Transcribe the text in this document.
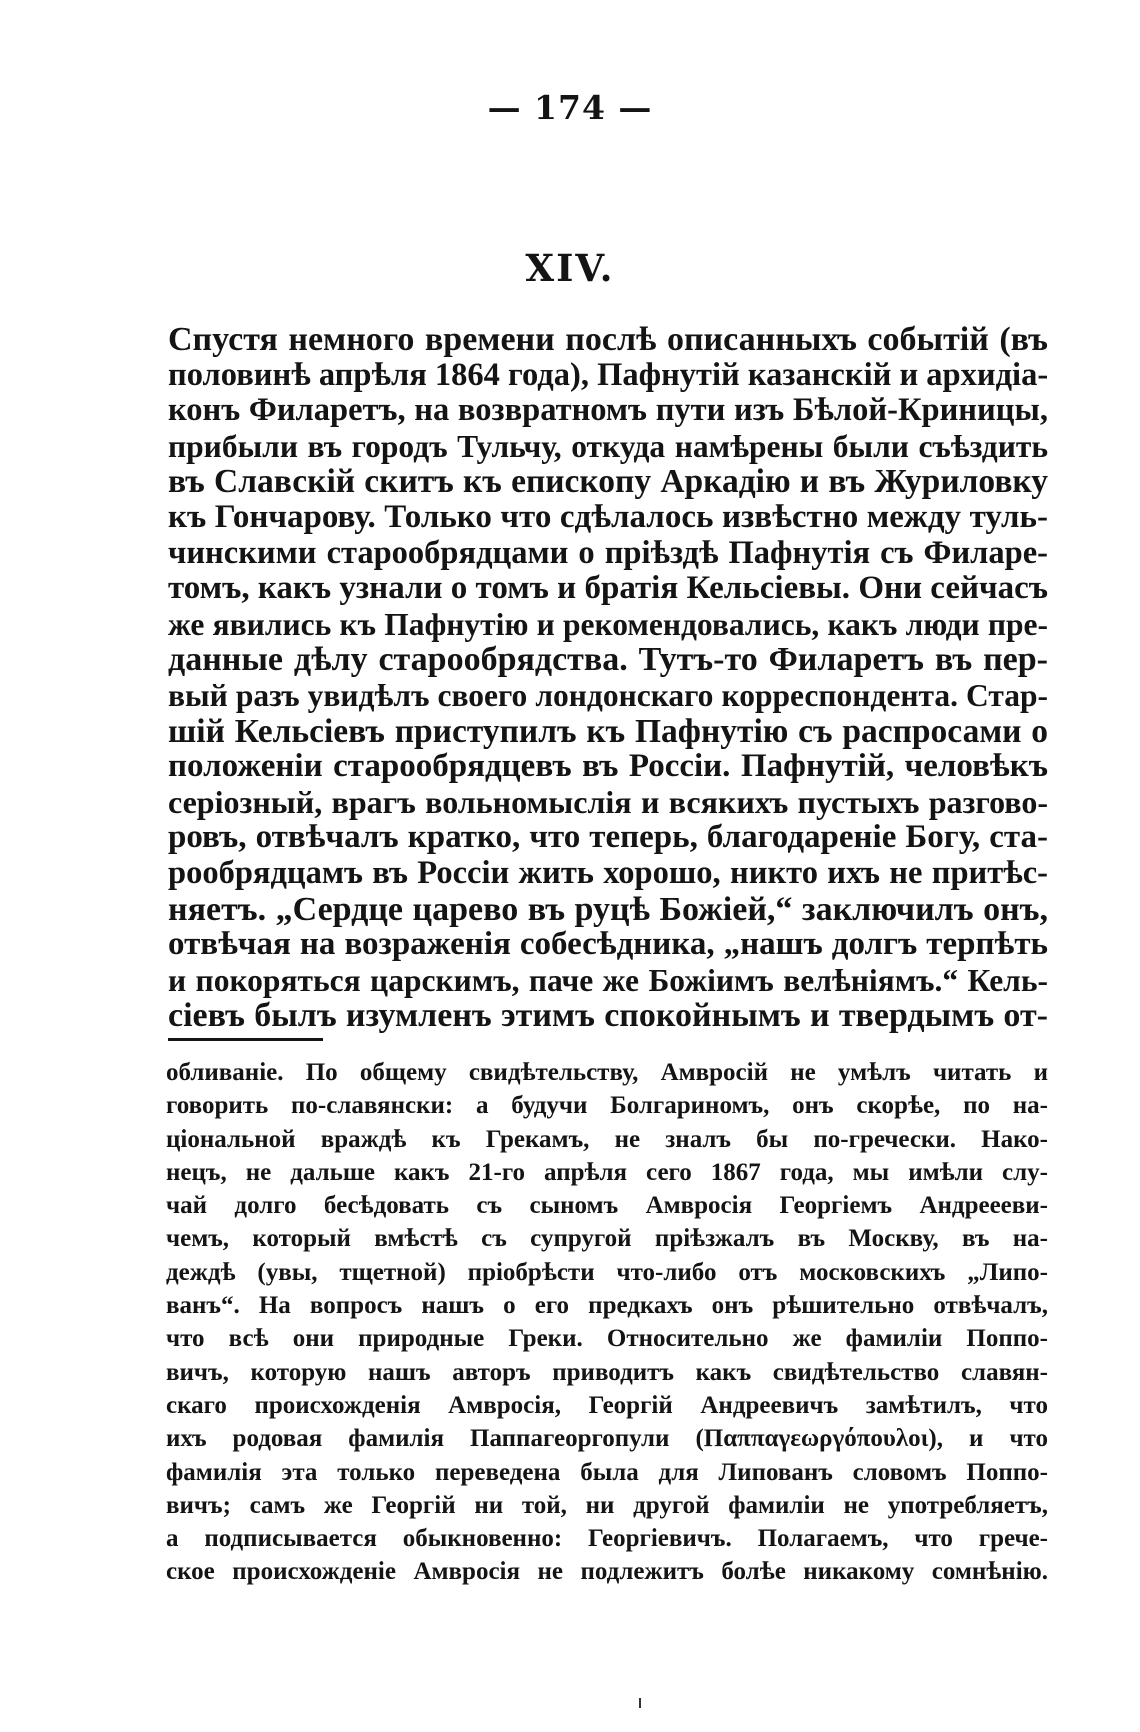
— 174 —
XIV.
Спустя немного времени послѣ описанныхъ событій (въ
половинѣ апрѣля 1864 года), Пафнутій казанскій и архидіа-
конъ Филаретъ, на возвратномъ пути изъ Бѣлой-Криницы,
прибыли въ городъ Тульчу, откуда намѣрены были съѣздить
въ Славскій скитъ къ епископу Аркадію и въ Журиловку
къ Гончарову. Только что сдѣлалось извѣстно между туль-
чинскими старообрядцами о пріѣздѣ Пафнутія съ Филаре-
томъ, какъ узнали о томъ и братія Кельсіевы. Они сейчасъ
же явились къ Пафнутію и рекомендовались, какъ люди пре-
данные дѣлу старообрядства. Тутъ-то Филаретъ въ пер-
вый разъ увидѣлъ своего лондонскаго корреспондента. Стар-
шій Кельсіевъ приступилъ къ Пафнутію съ распросами о
положеніи старообрядцевъ въ Россіи. Пафнутій, человѣкъ
серіозный, врагъ вольномыслія и всякихъ пустыхъ разгово-
ровъ, отвѣчалъ кратко, что теперь, благодареніе Богу, ста-
рообрядцамъ въ Россіи жить хорошо, никто ихъ не притѣс-
няетъ. „Сердце царево въ руцѣ Божіей,“ заключилъ онъ,
отвѣчая на возраженія собесѣдника, „нашъ долгъ терпѣть
и покоряться царскимъ, паче же Божіимъ велѣніямъ.“ Кель-
сіевъ былъ изумленъ этимъ спокойнымъ и твердымъ от-
обливаніе. По общему свидѣтельству, Амвросій не умѣлъ читать и
говорить по-славянски: а будучи Болгариномъ, онъ скорѣе, по на-
ціональной враждѣ къ Грекамъ, не зналъ бы по-гречески. Нако-
нецъ, не дальше какъ 21-го апрѣля сего 1867 года, мы имѣли слу-
чай долго бесѣдовать съ сыномъ Амвросія Георгіемъ Андреееви-
чемъ, который вмѣстѣ съ супругой пріѣзжалъ въ Москву, въ на-
деждѣ (увы, тщетной) пріобрѣсти что-либо отъ московскихъ „Липо-
ванъ“. На вопросъ нашъ о его предкахъ онъ рѣшительно отвѣчалъ,
что всѣ они природные Греки. Относительно же фамиліи Поппо-
вичъ, которую нашъ авторъ приводитъ какъ свидѣтельство славян-
скаго происхожденія Амвросія, Георгій Андреевичъ замѣтилъ, что
ихъ родовая фамилія Паппагеоргопули (Παππαγεωργόπουλοι), и что
фамилія эта только переведена была для Липованъ словомъ Поппо-
вичъ; самъ же Георгій ни той, ни другой фамиліи не употребляетъ,
а подписывается обыкновенно: Георгіевичъ. Полагаемъ, что грече-
ское происхожденіе Амвросія не подлежитъ болѣе никакому сомнѣнію.
